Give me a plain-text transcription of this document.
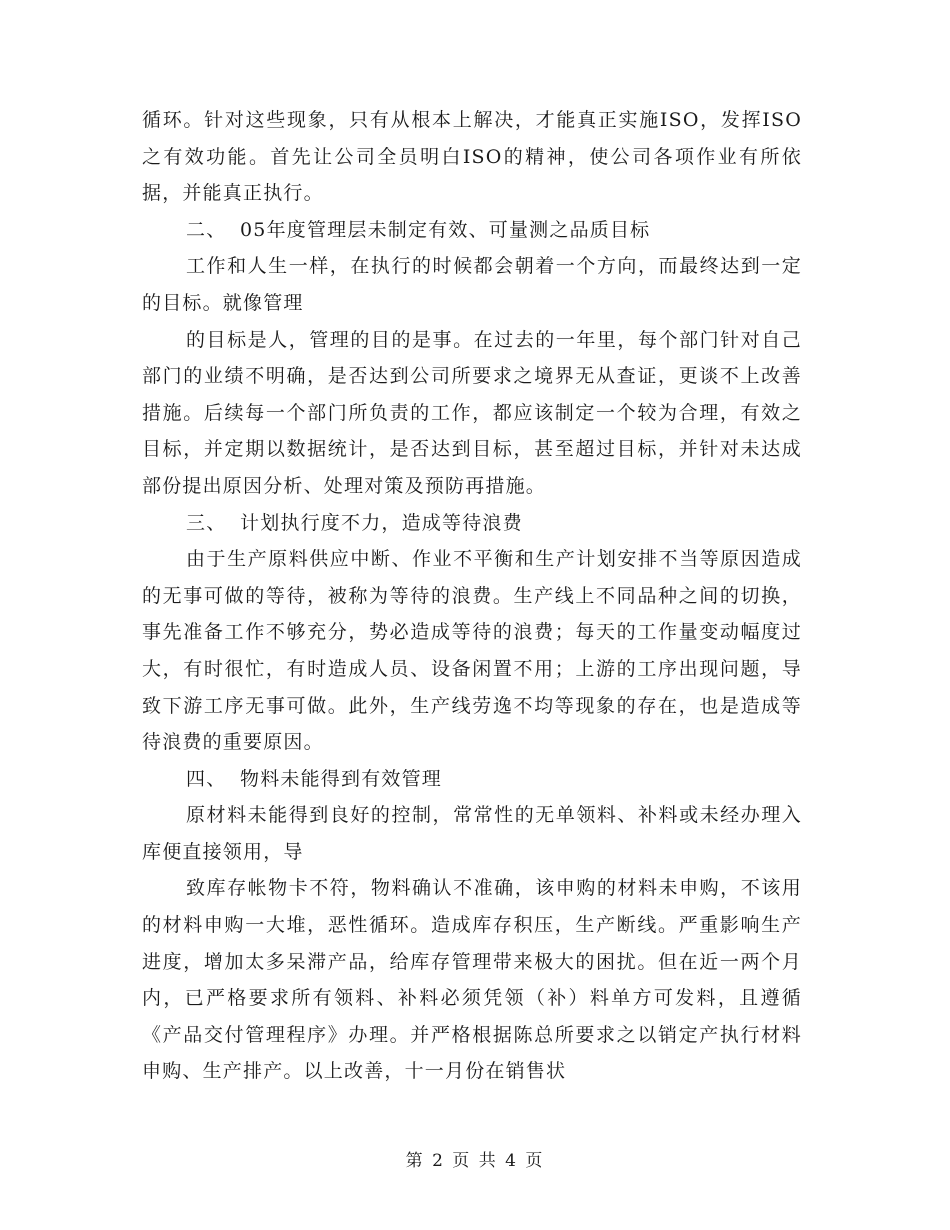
循环。针对这些现象，只有从根本上解决，才能真正实施ISO，发挥ISO之有效功能。首先让公司全员明白ISO的精神，使公司各项作业有所依据，并能真正执行。

二、 05年度管理层未制定有效、可量测之品质目标

工作和人生一样，在执行的时候都会朝着一个方向，而最终达到一定的目标。就像管理

的目标是人，管理的目的是事。在过去的一年里，每个部门针对自己部门的业绩不明确，是否达到公司所要求之境界无从查证，更谈不上改善措施。后续每一个部门所负责的工作，都应该制定一个较为合理，有效之目标，并定期以数据统计，是否达到目标，甚至超过目标，并针对未达成部份提出原因分析、处理对策及预防再措施。

三、 计划执行度不力，造成等待浪费

由于生产原料供应中断、作业不平衡和生产计划安排不当等原因造成的无事可做的等待，被称为等待的浪费。生产线上不同品种之间的切换，事先准备工作不够充分，势必造成等待的浪费；每天的工作量变动幅度过大，有时很忙，有时造成人员、设备闲置不用；上游的工序出现问题，导致下游工序无事可做。此外，生产线劳逸不均等现象的存在，也是造成等待浪费的重要原因。

四、 物料未能得到有效管理

原材料未能得到良好的控制，常常性的无单领料、补料或未经办理入库便直接领用，导

致库存帐物卡不符，物料确认不准确，该申购的材料未申购，不该用的材料申购一大堆，恶性循环。造成库存积压，生产断线。严重影响生产进度，增加太多呆滞产品，给库存管理带来极大的困扰。但在近一两个月内，已严格要求所有领料、补料必须凭领（补）料单方可发料，且遵循《产品交付管理程序》办理。并严格根据陈总所要求之以销定产执行材料申购、生产排产。以上改善，十一月份在销售状

第 2 页 共 4 页
